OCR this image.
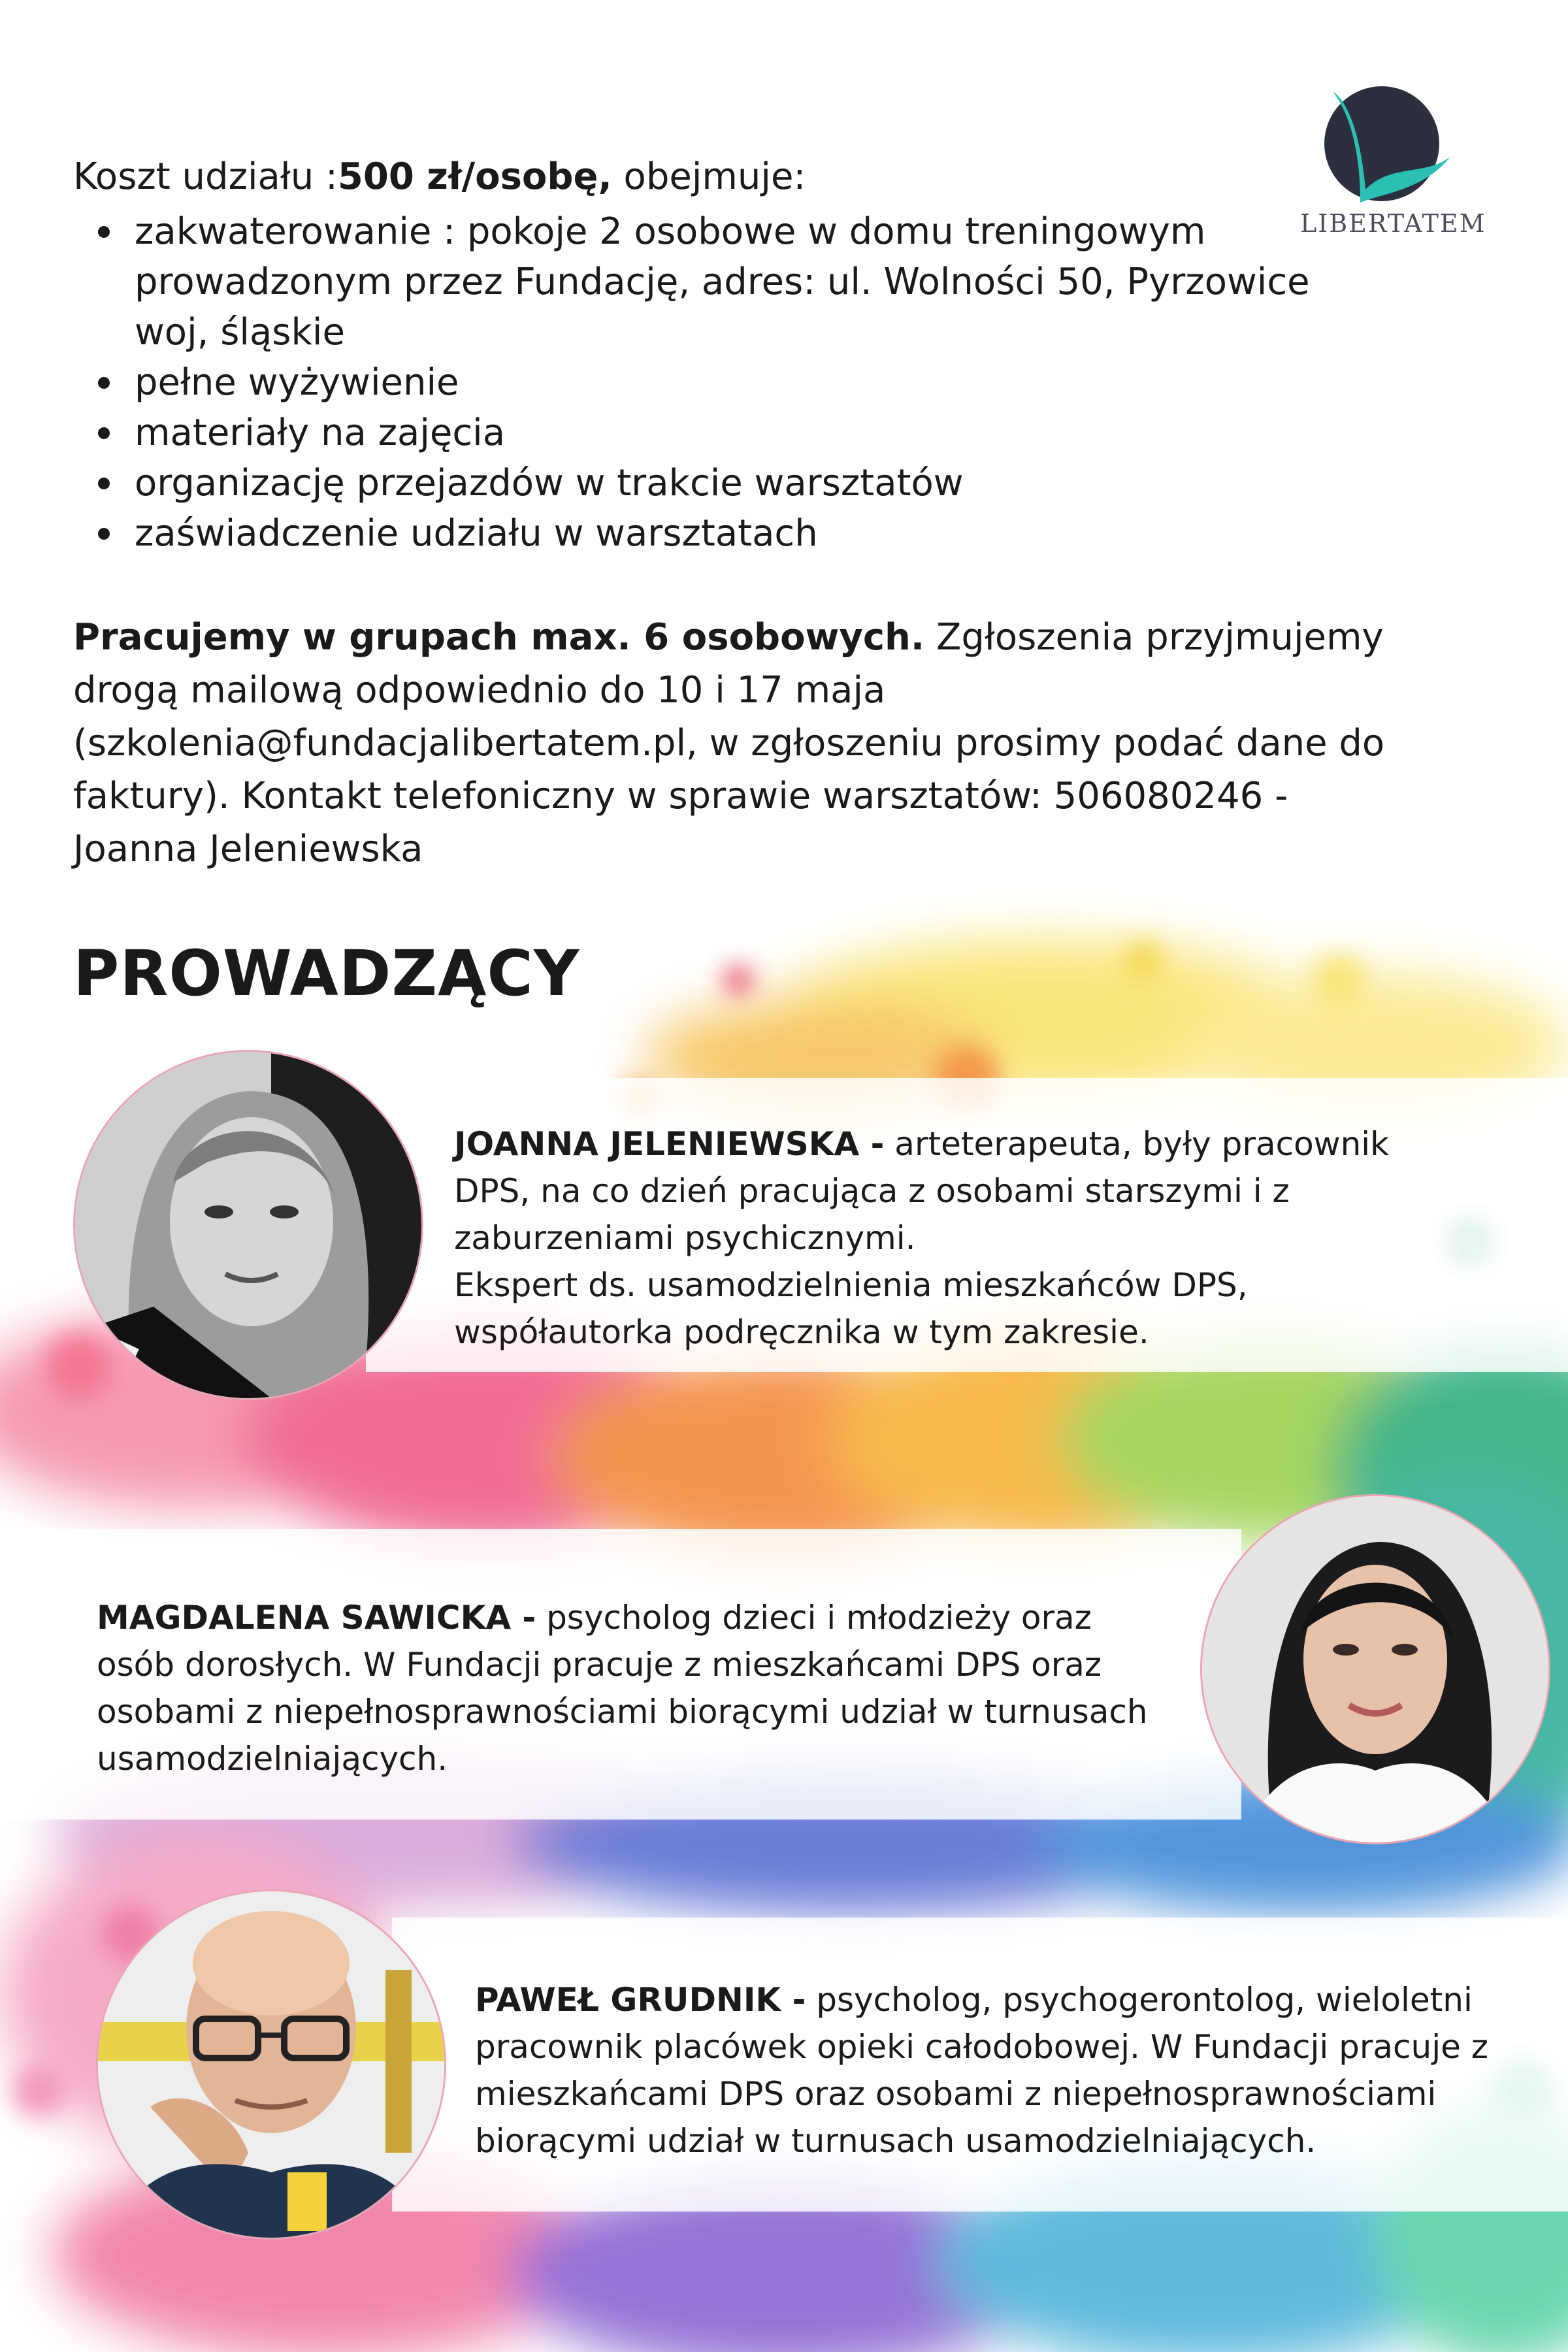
LIBERTATEM
Koszt udziału :500 zł/osobę, obejmuje:
zakwaterowanie : pokoje 2 osobowe w domu treningowym prowadzonym przez Fundację, adres: ul. Wolności 50, Pyrzowice woj, śląskie
pełne wyżywienie
materiały na zajęcia
organizację przejazdów w trakcie warsztatów
zaświadczenie udziału w warsztatach
Pracujemy w grupach max. 6 osobowych. Zgłoszenia przyjmujemy drogą mailową odpowiednio do 10 i 17 maja (szkolenia@fundacjalibertatem.pl, w zgłoszeniu prosimy podać dane do faktury). Kontakt telefoniczny w sprawie warsztatów: 506080246 - Joanna Jeleniewska
PROWADZĄCY
JOANNA JELENIEWSKA - arteterapeuta, były pracownik DPS, na co dzień pracująca z osobami starszymi i z zaburzeniami psychicznymi.
Ekspert ds. usamodzielnienia mieszkańców DPS, współautorka podręcznika w tym zakresie.
MAGDALENA SAWICKA - psycholog dzieci i młodzieży oraz osób dorosłych. W Fundacji pracuje z mieszkańcami DPS oraz osobami z niepełnosprawnościami biorącymi udział w turnusach usamodzielniających.
PAWEŁ GRUDNIK - psycholog, psychogerontolog, wieloletni pracownik placówek opieki całodobowej. W Fundacji pracuje z mieszkańcami DPS oraz osobami z niepełnosprawnościami biorącymi udział w turnusach usamodzielniających.
